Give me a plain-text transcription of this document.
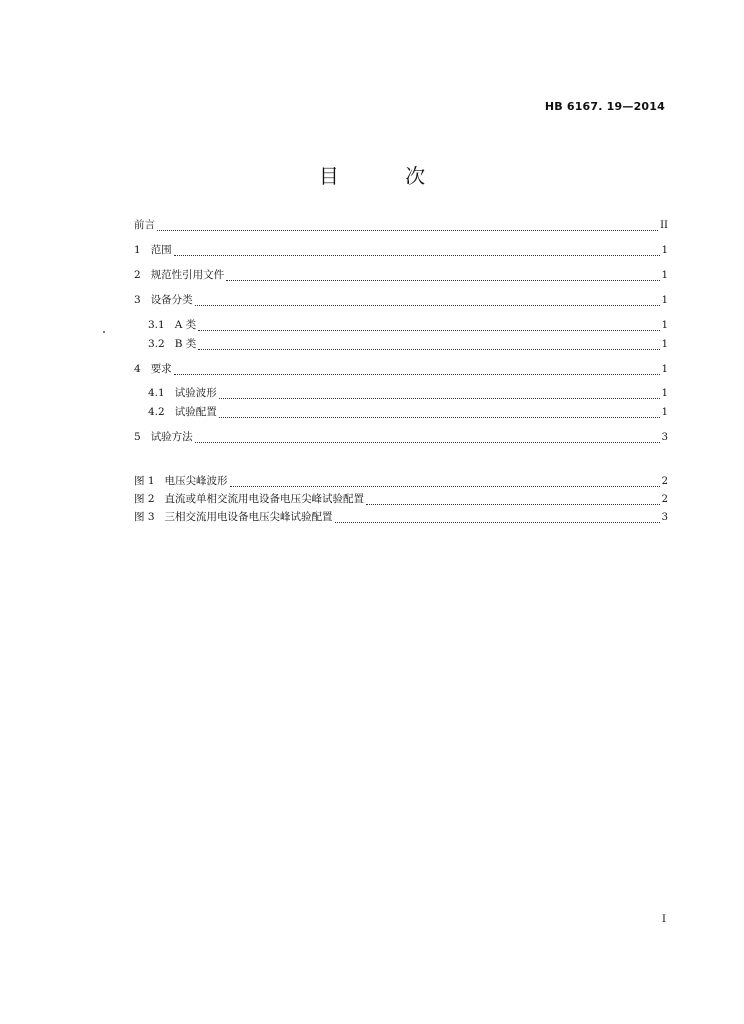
HB 6167. 19—2014
目 次
前言	II
1 范围	1
2 规范性引用文件	1
3 设备分类	1
3.1 A 类	1
3.2 B 类	1
4 要求	1
4.1 试验波形	1
4.2 试验配置	1
5 试验方法	3
图 1 电压尖峰波形	2
图 2 直流或单相交流用电设备电压尖峰试验配置	2
图 3 三相交流用电设备电压尖峰试验配置	3
I
